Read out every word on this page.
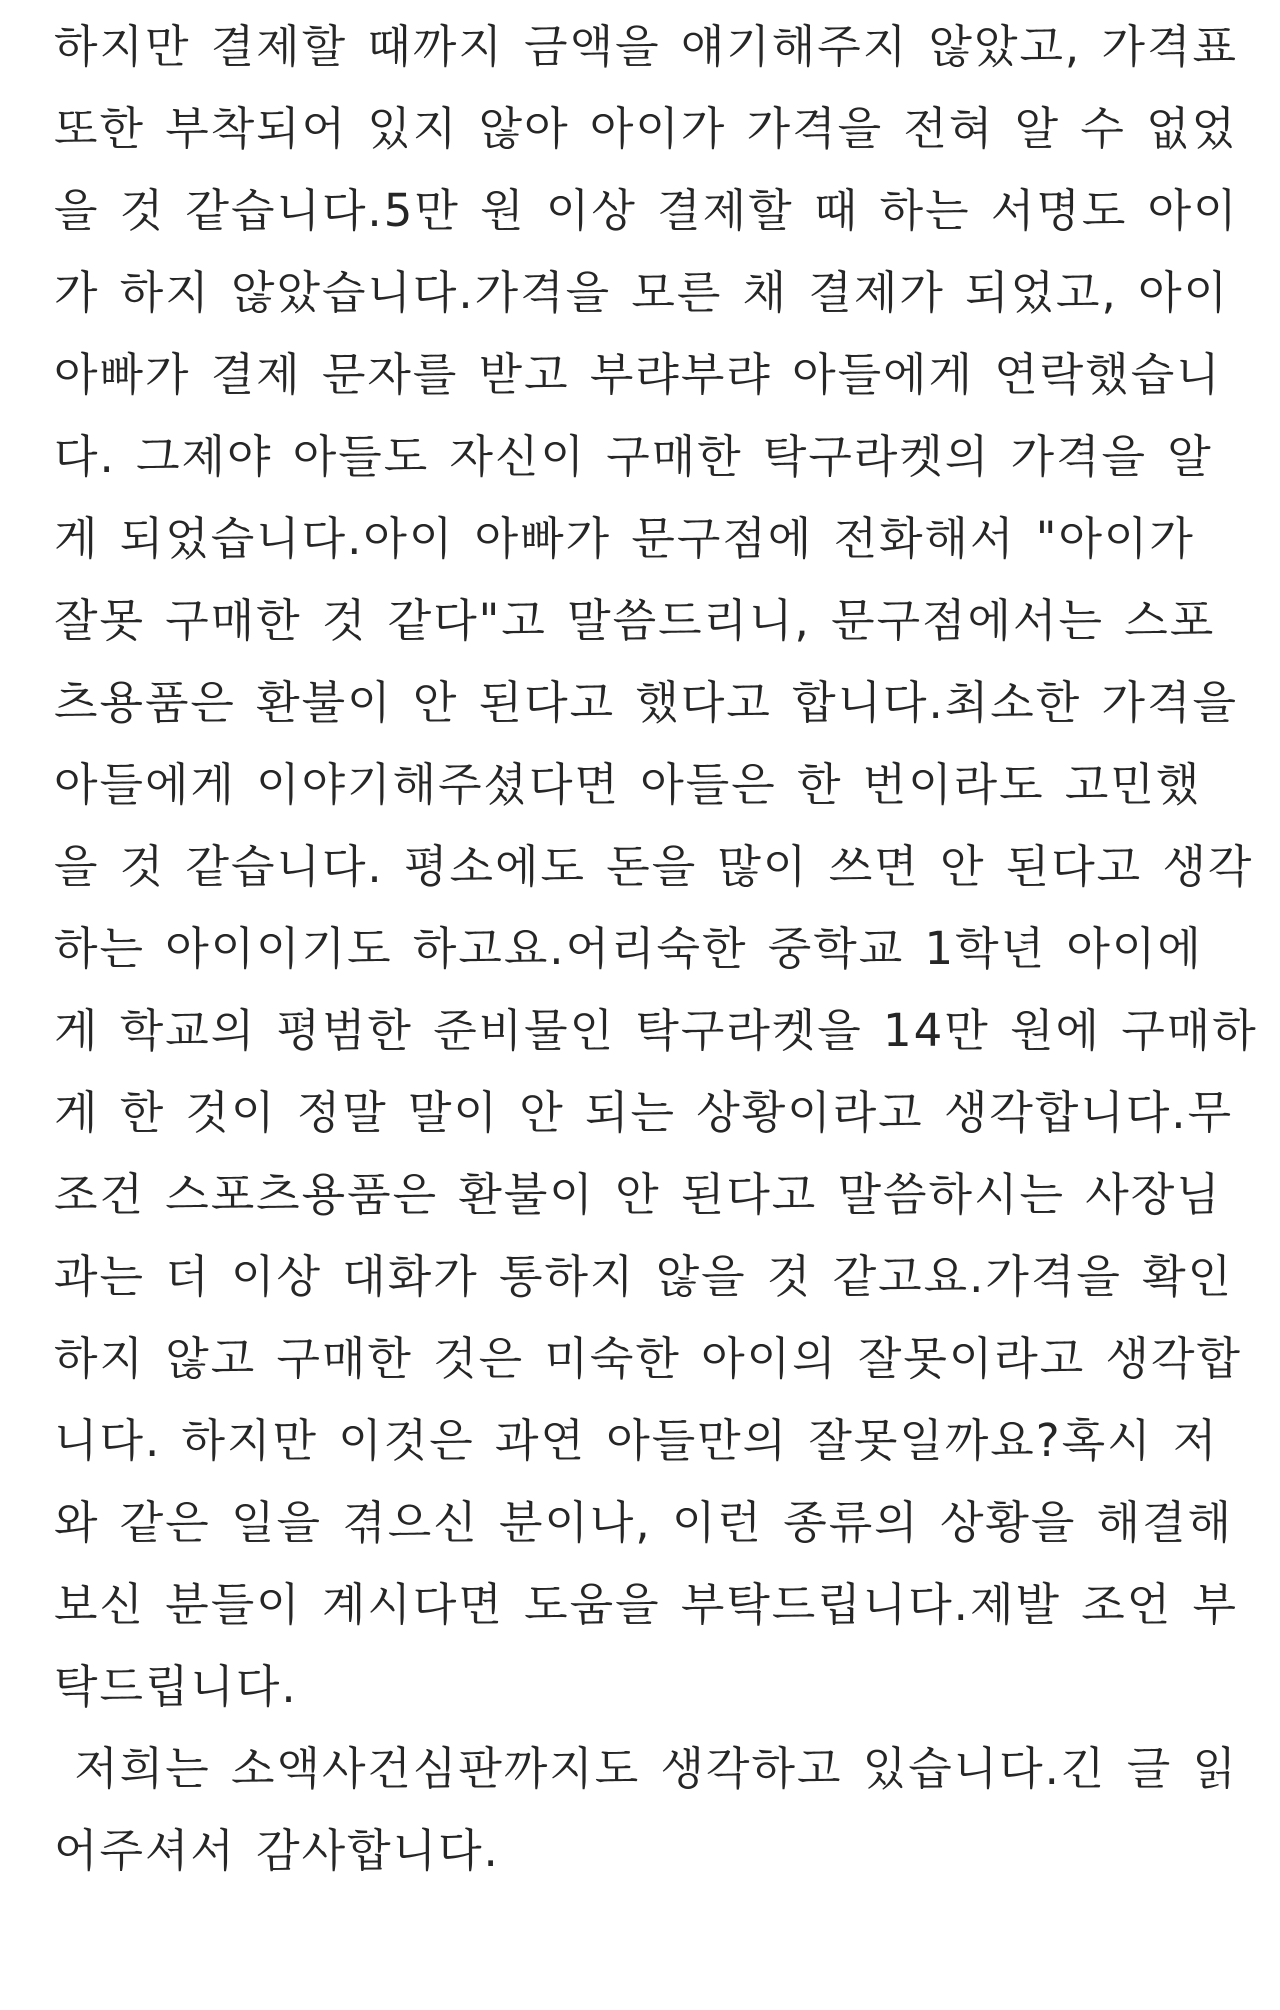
하지만 결제할 때까지 금액을 얘기해주지 않았고, 가격표
또한 부착되어 있지 않아 아이가 가격을 전혀 알 수 없었
을 것 같습니다.5만 원 이상 결제할 때 하는 서명도 아이
가 하지 않았습니다.가격을 모른 채 결제가 되었고, 아이
아빠가 결제 문자를 받고 부랴부랴 아들에게 연락했습니
다. 그제야 아들도 자신이 구매한 탁구라켓의 가격을 알
게 되었습니다.아이 아빠가 문구점에 전화해서 "아이가
잘못 구매한 것 같다"고 말씀드리니, 문구점에서는 스포
츠용품은 환불이 안 된다고 했다고 합니다.최소한 가격을
아들에게 이야기해주셨다면 아들은 한 번이라도 고민했
을 것 같습니다. 평소에도 돈을 많이 쓰면 안 된다고 생각
하는 아이이기도 하고요.어리숙한 중학교 1학년 아이에
게 학교의 평범한 준비물인 탁구라켓을 14만 원에 구매하
게 한 것이 정말 말이 안 되는 상황이라고 생각합니다.무
조건 스포츠용품은 환불이 안 된다고 말씀하시는 사장님
과는 더 이상 대화가 통하지 않을 것 같고요.가격을 확인
하지 않고 구매한 것은 미숙한 아이의 잘못이라고 생각합
니다. 하지만 이것은 과연 아들만의 잘못일까요?혹시 저
와 같은 일을 겪으신 분이나, 이런 종류의 상황을 해결해
보신 분들이 계시다면 도움을 부탁드립니다.제발 조언 부
탁드립니다.
저희는 소액사건심판까지도 생각하고 있습니다.긴 글 읽
어주셔서 감사합니다.
